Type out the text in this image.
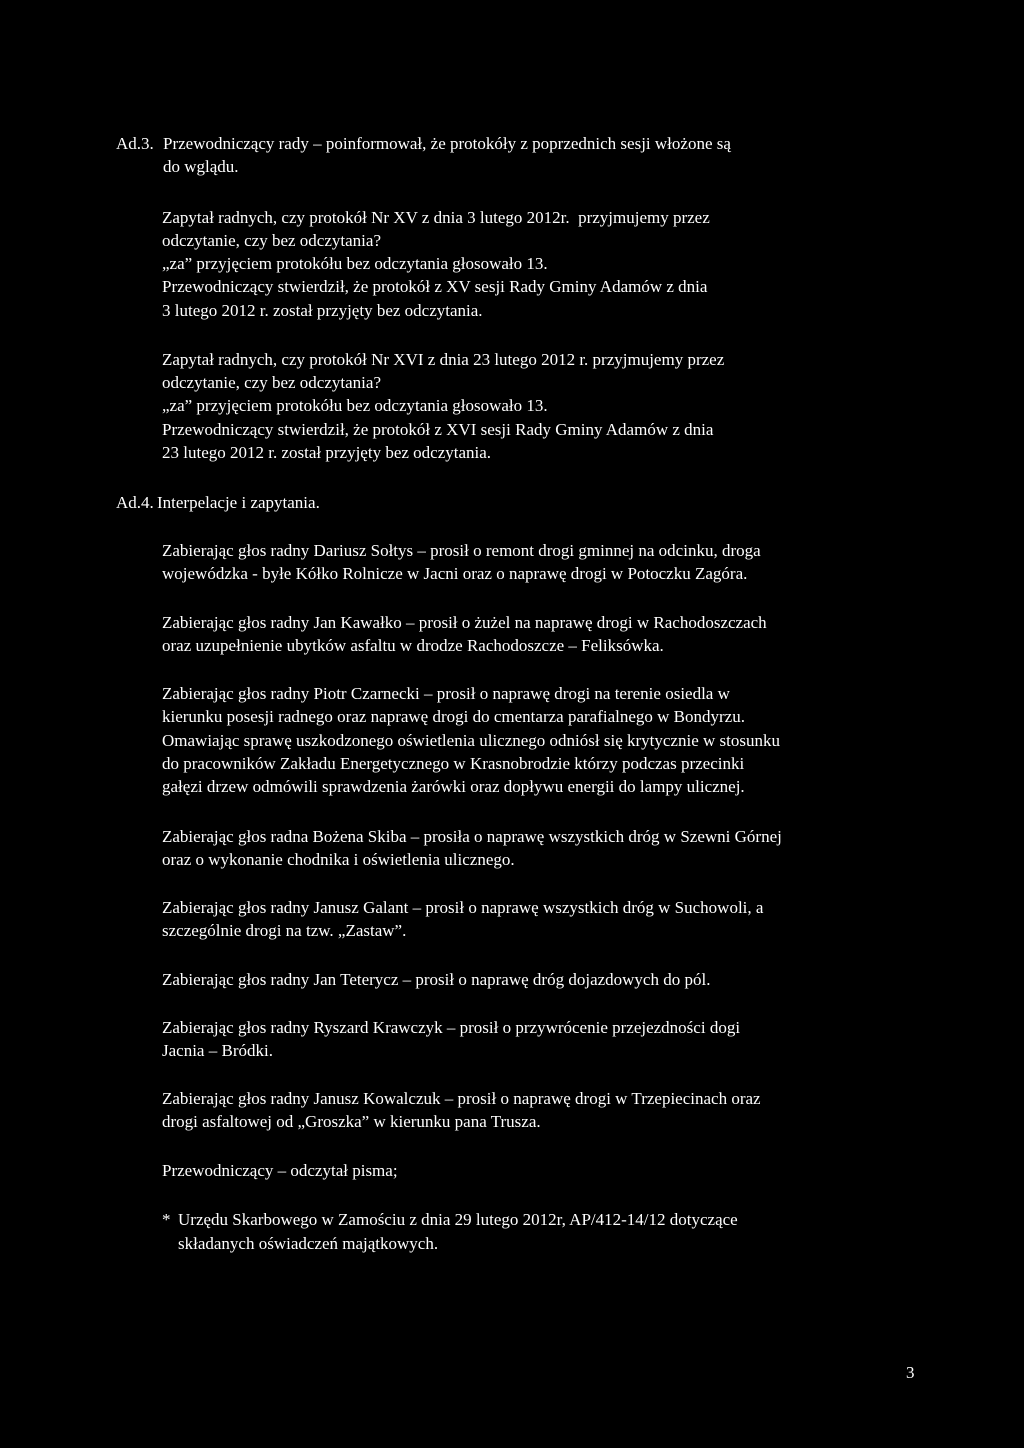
Ad.3. Przewodniczący rady – poinformował, że protokóły z poprzednich sesji włożone są
do wglądu.
Zapytał radnych, czy protokół Nr XV z dnia 3 lutego 2012r.  przyjmujemy przez
odczytanie, czy bez odczytania?
„za” przyjęciem protokółu bez odczytania głosowało 13.
Przewodniczący stwierdził, że protokół z XV sesji Rady Gminy Adamów z dnia
3 lutego 2012 r. został przyjęty bez odczytania.
Zapytał radnych, czy protokół Nr XVI z dnia 23 lutego 2012 r. przyjmujemy przez
odczytanie, czy bez odczytania?
„za” przyjęciem protokółu bez odczytania głosowało 13.
Przewodniczący stwierdził, że protokół z XVI sesji Rady Gminy Adamów z dnia
23 lutego 2012 r. został przyjęty bez odczytania.
Ad.4. Interpelacje i zapytania.
Zabierając głos radny Dariusz Sołtys – prosił o remont drogi gminnej na odcinku, droga
wojewódzka - byłe Kółko Rolnicze w Jacni oraz o naprawę drogi w Potoczku Zagóra.
Zabierając głos radny Jan Kawałko – prosił o żużel na naprawę drogi w Rachodoszczach
oraz uzupełnienie ubytków asfaltu w drodze Rachodoszcze – Feliksówka.
Zabierając głos radny Piotr Czarnecki – prosił o naprawę drogi na terenie osiedla w
kierunku posesji radnego oraz naprawę drogi do cmentarza parafialnego w Bondyrzu.
Omawiając sprawę uszkodzonego oświetlenia ulicznego odniósł się krytycznie w stosunku
do pracowników Zakładu Energetycznego w Krasnobrodzie którzy podczas przecinki
gałęzi drzew odmówili sprawdzenia żarówki oraz dopływu energii do lampy ulicznej.
Zabierając głos radna Bożena Skiba – prosiła o naprawę wszystkich dróg w Szewni Górnej
oraz o wykonanie chodnika i oświetlenia ulicznego.
Zabierając głos radny Janusz Galant – prosił o naprawę wszystkich dróg w Suchowoli, a
szczególnie drogi na tzw. „Zastaw”.
Zabierając głos radny Jan Teterycz – prosił o naprawę dróg dojazdowych do pól.
Zabierając głos radny Ryszard Krawczyk – prosił o przywrócenie przejezdności dogi
Jacnia – Bródki.
Zabierając głos radny Janusz Kowalczuk – prosił o naprawę drogi w Trzepiecinach oraz
drogi asfaltowej od „Groszka” w kierunku pana Trusza.
Przewodniczący – odczytał pisma;
* Urzędu Skarbowego w Zamościu z dnia 29 lutego 2012r, AP/412-14/12 dotyczące
składanych oświadczeń majątkowych.
3
